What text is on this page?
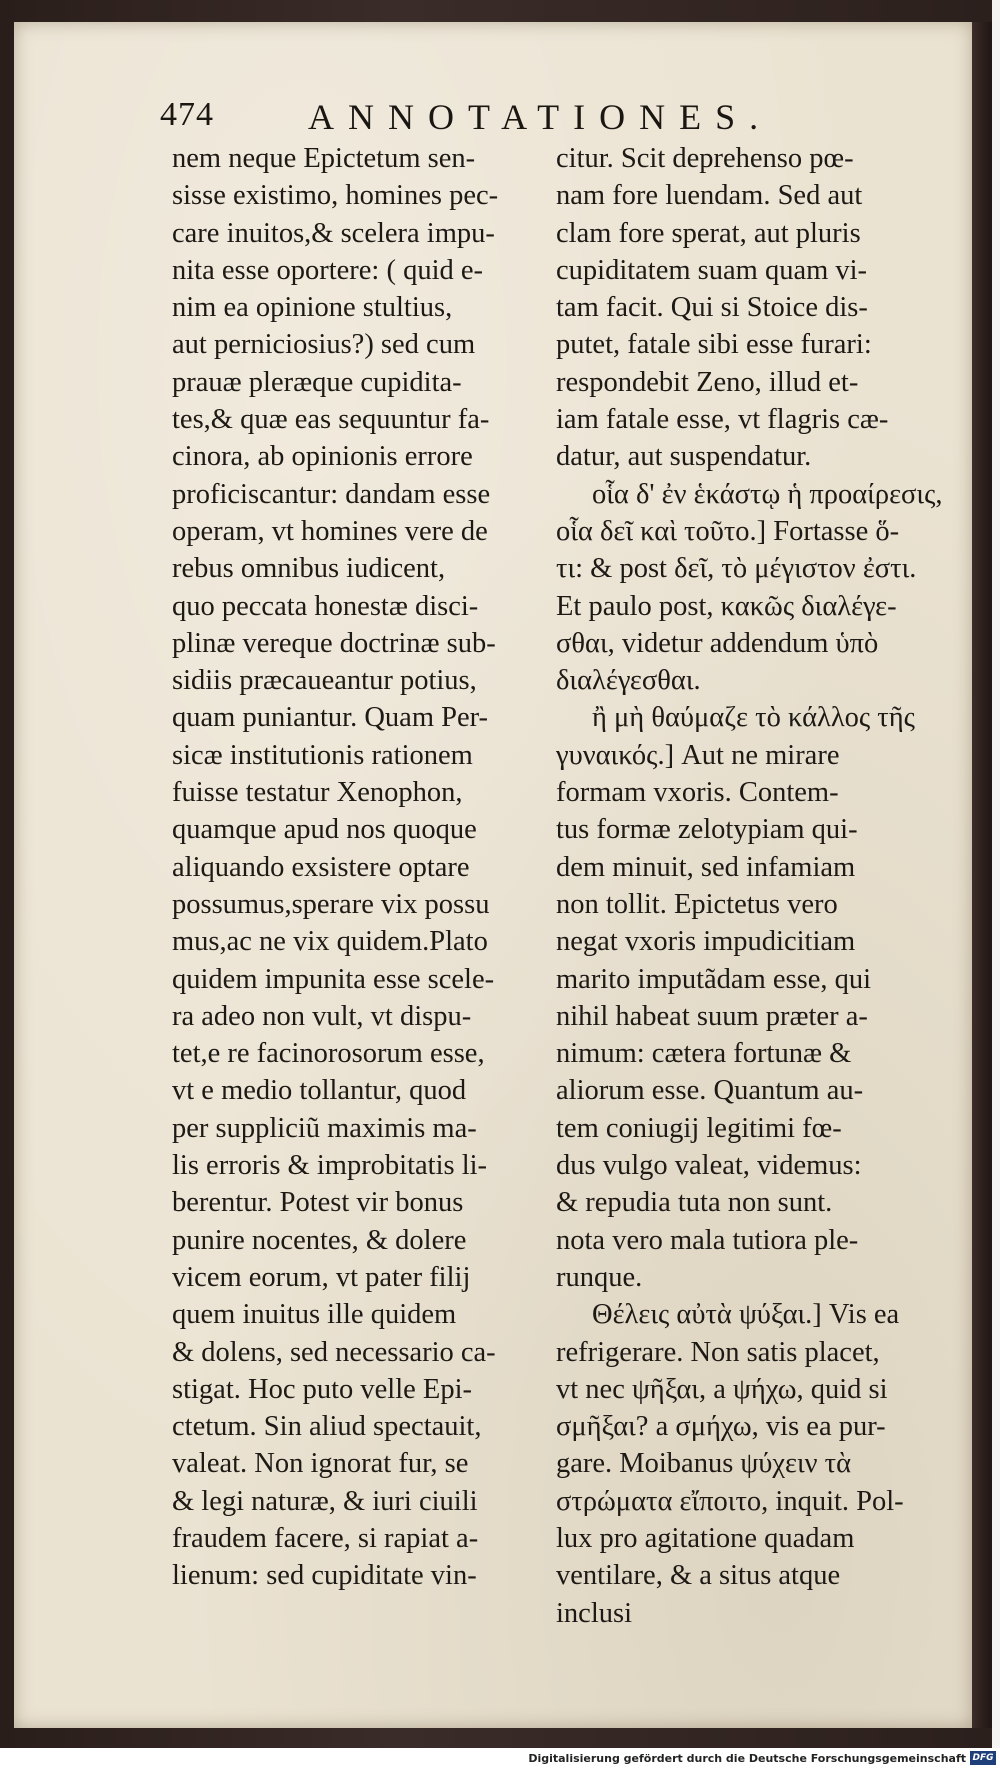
474	ANNOTATIONES.
nem neque Epictetum sen-
sisse existimo, homines pec-
care inuitos,& scelera impu-
nita esse oportere: ( quid e-
nim ea opinione stultius,
aut perniciosius?) sed cum
prauæ pleræque cupidita-
tes,& quæ eas sequuntur fa-
cinora, ab opinionis errore
proficiscantur: dandam esse
operam, vt homines vere de
rebus omnibus iudicent,
quo peccata honestæ disci-
plinæ vereque doctrinæ sub-
sidiis præcaueantur potius,
quam puniantur. Quam Per-
sicæ institutionis rationem
fuisse testatur Xenophon,
quamque apud nos quoque
aliquando exsistere optare
possumus,sperare vix possu
mus,ac ne vix quidem.Plato
quidem impunita esse scele-
ra adeo non vult, vt dispu-
tet,e re facinorosorum esse,
vt e medio tollantur, quod
per suppliciũ maximis ma-
lis erroris & improbitatis li-
berentur. Potest vir bonus
punire nocentes, & dolere
vicem eorum, vt pater filij
quem inuitus ille quidem
& dolens, sed necessario ca-
stigat. Hoc puto velle Epi-
ctetum. Sin aliud spectauit,
valeat. Non ignorat fur, se
& legi naturæ, & iuri ciuili
fraudem facere, si rapiat a-
lienum: sed cupiditate vin-
citur. Scit deprehenso pœ-
nam fore luendam. Sed aut
clam fore sperat, aut pluris
cupiditatem suam quam vi-
tam facit. Qui si Stoice dis-
putet, fatale sibi esse furari:
respondebit Zeno, illud et-
iam fatale esse, vt flagris cæ-
datur, aut suspendatur.
οἷα δ' ἐν ἑκάστῳ ἡ προαίρεσις,
οἷα δεῖ καὶ τοῦτο.] Fortasse ὅ-
τι: & post δεῖ, τὸ μέγιστον ἐστι.
Et paulo post, κακῶς διαλέγε-
σθαι, videtur addendum ὑπὸ
διαλέγεσθαι.
ἢ μὴ θαύμαζε τὸ κάλλος τῆς
γυναικός.] Aut ne mirare
formam vxoris. Contem-
tus formæ zelotypiam qui-
dem minuit, sed infamiam
non tollit. Epictetus vero
negat vxoris impudicitiam
marito imputãdam esse, qui
nihil habeat suum præter a-
nimum: cætera fortunæ &
aliorum esse. Quantum au-
tem coniugij legitimi fœ-
dus vulgo valeat, videmus:
& repudia tuta non sunt.
nota vero mala tutiora ple-
runque.
Θέλεις αὐτὰ ψύξαι.] Vis ea
refrigerare. Non satis placet,
vt nec ψῆξαι, a ψήχω, quid si
σμῆξαι? a σμήχω, vis ea pur-
gare. Moibanus ψύχειν τὰ
στρώματα εἴποιτο, inquit. Pol-
lux pro agitatione quadam
ventilare, & a situs atque
inclusi
Digitalisierung gefördert durch die Deutsche Forschungsgemeinschaft DFG
